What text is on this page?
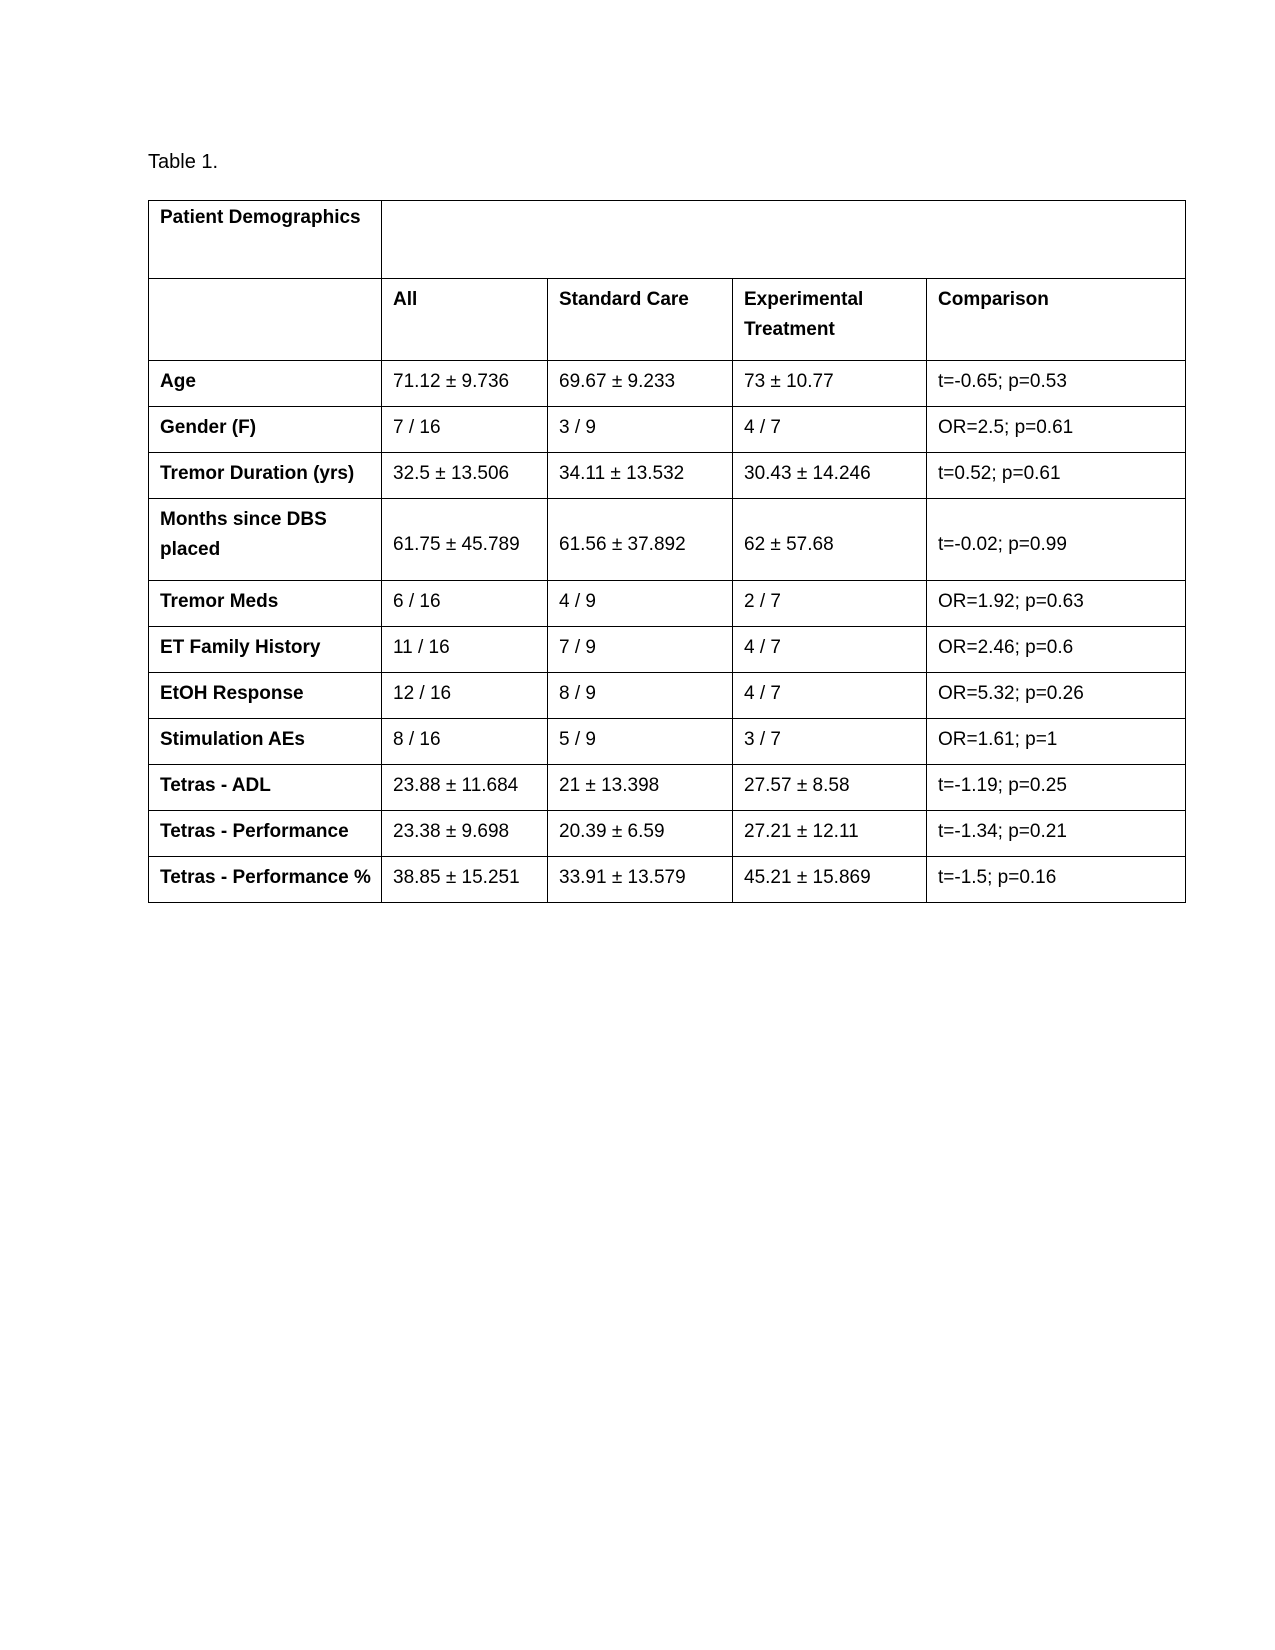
Table 1.
Patient Demographics				
	All	Standard Care	Experimental Treatment	Comparison
Age	71.12 ± 9.736	69.67 ± 9.233	73 ± 10.77	t=-0.65; p=0.53
Gender (F)	7 / 16	3 / 9	4 / 7	OR=2.5; p=0.61
Tremor Duration (yrs)	32.5 ± 13.506	34.11 ± 13.532	30.43 ± 14.246	t=0.52; p=0.61
Months since DBS placed	61.75 ± 45.789	61.56 ± 37.892	62 ± 57.68	t=-0.02; p=0.99
Tremor Meds	6 / 16	4 / 9	2 / 7	OR=1.92; p=0.63
ET Family History	11 / 16	7 / 9	4 / 7	OR=2.46; p=0.6
EtOH Response	12 / 16	8 / 9	4 / 7	OR=5.32; p=0.26
Stimulation AEs	8 / 16	5 / 9	3 / 7	OR=1.61; p=1
Tetras - ADL	23.88 ± 11.684	21 ± 13.398	27.57 ± 8.58	t=-1.19; p=0.25
Tetras - Performance	23.38 ± 9.698	20.39 ± 6.59	27.21 ± 12.11	t=-1.34; p=0.21
Tetras - Performance %	38.85 ± 15.251	33.91 ± 13.579	45.21 ± 15.869	t=-1.5; p=0.16
